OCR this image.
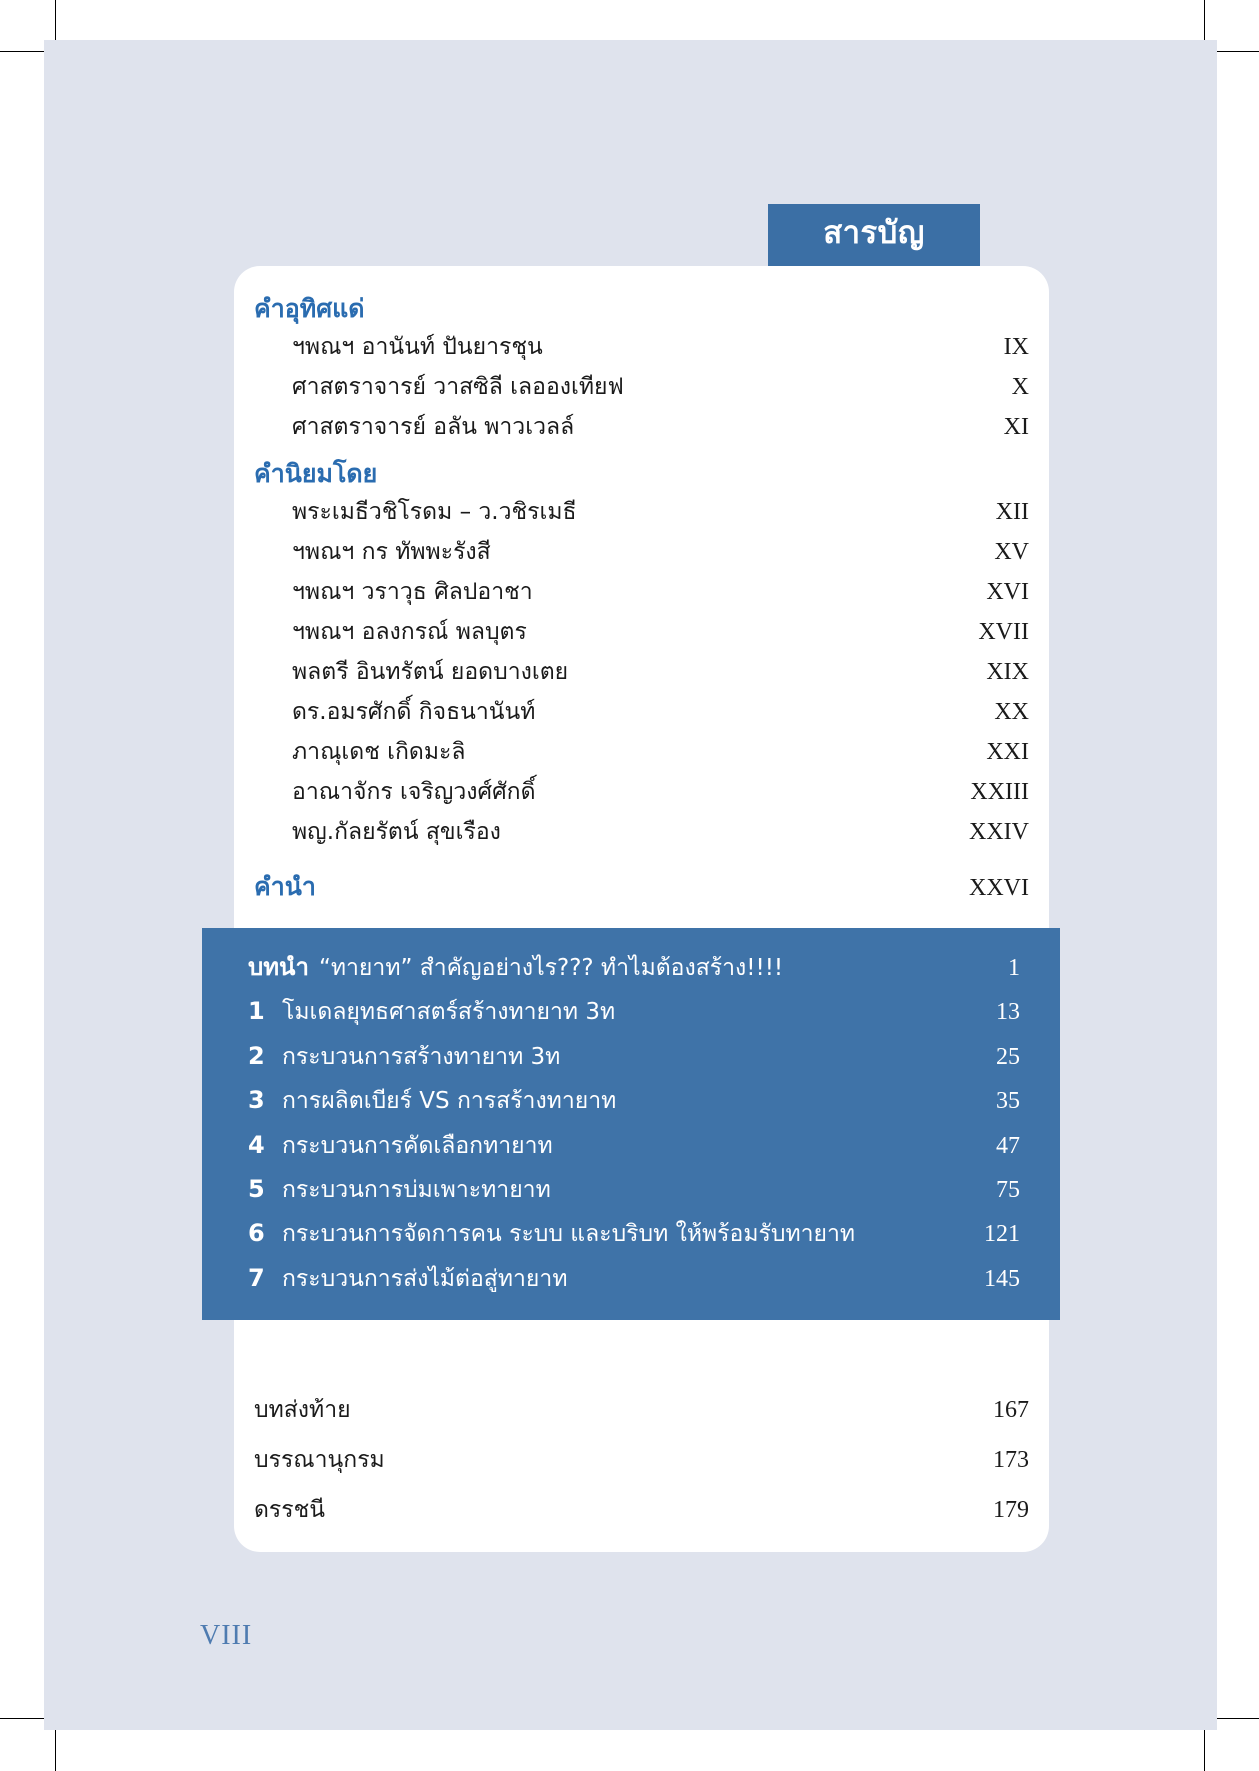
สารบัญ
คำอุทิศแด่
ฯพณฯ อานันท์ ปันยารชุน	IX
ศาสตราจารย์ วาสซิลี เลอองเทียฟ	X
ศาสตราจารย์ อลัน พาวเวลล์	XI
คำนิยมโดย
พระเมธีวชิโรดม – ว.วชิรเมธี	XII
ฯพณฯ กร ทัพพะรังสี	XV
ฯพณฯ วราวุธ ศิลปอาชา	XVI
ฯพณฯ อลงกรณ์ พลบุตร	XVII
พลตรี อินทรัตน์ ยอดบางเตย	XIX
ดร.อมรศักดิ์ กิจธนานันท์	XX
ภาณุเดช เกิดมะลิ	XXI
อาณาจักร เจริญวงศ์ศักดิ์	XXIII
พญ.กัลยรัตน์ สุขเรือง	XXIV
คำนำ	XXVI
บทนำ “ทายาท” สำคัญอย่างไร??? ทำไมต้องสร้าง!!!!	1
1 โมเดลยุทธศาสตร์สร้างทายาท 3ท	13
2 กระบวนการสร้างทายาท 3ท	25
3 การผลิตเบียร์ VS การสร้างทายาท	35
4 กระบวนการคัดเลือกทายาท	47
5 กระบวนการบ่มเพาะทายาท	75
6 กระบวนการจัดการคน ระบบ และบริบท ให้พร้อมรับทายาท	121
7 กระบวนการส่งไม้ต่อสู่ทายาท	145
บทส่งท้าย	167
บรรณานุกรม	173
ดรรชนี	179
VIII
